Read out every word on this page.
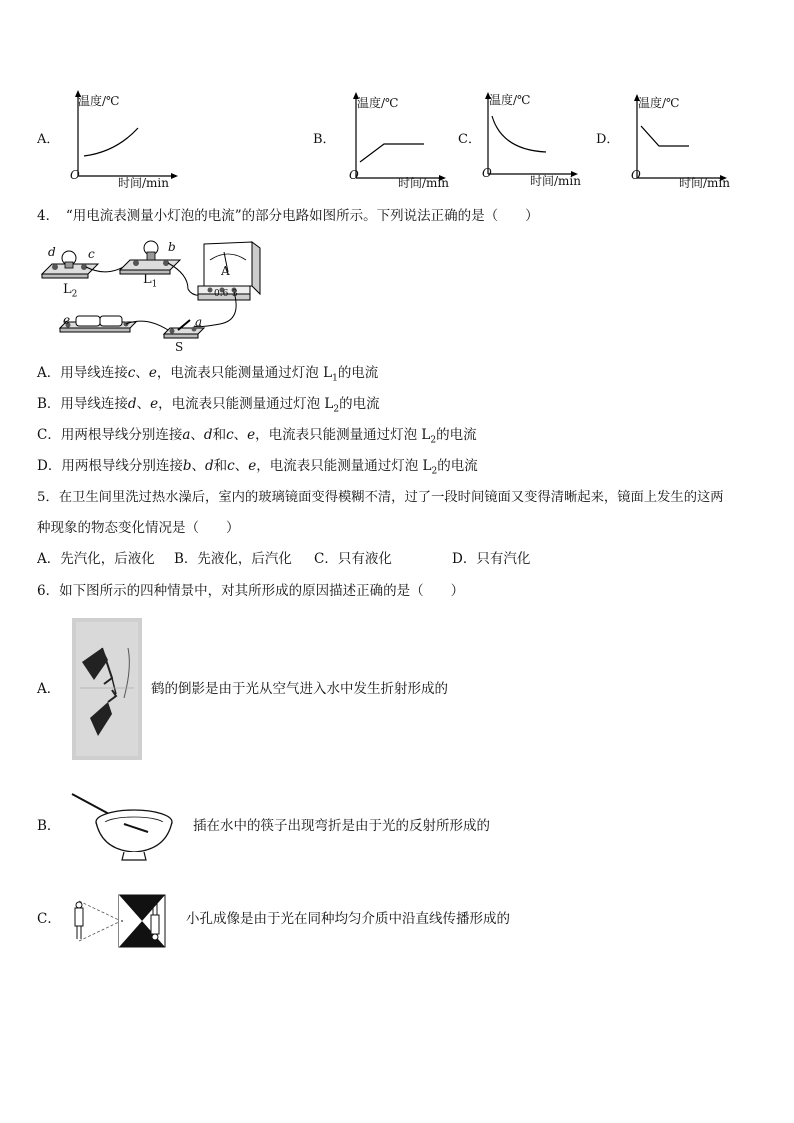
A．
温度/℃
时间/min
O
B．
温度/℃
时间/min
O
C．
温度/℃
时间/min
O
D．
温度/℃
时间/min
O
4．　“用电流表测量小灯泡的电流”的部分电路如图所示。下列说法正确的是（　　）
d	c	b
$L_2$
$L_1$
A
0.6 3
e	a
S
A．用导线连接c、e，电流表只能测量通过灯泡 $L_1$的电流
B．用导线连接d、e，电流表只能测量通过灯泡 $L_2$的电流
C．用两根导线分别连接a、d和c、e，电流表只能测量通过灯泡 $L_2$的电流
D．用两根导线分别连接b、d和c、e，电流表只能测量通过灯泡 $L_2$的电流
5．在卫生间里洗过热水澡后，室内的玻璃镜面变得模糊不清，过了一段时间镜面又变得清晰起来，镜面上发生的这两
种现象的物态变化情况是（　　）
A．先汽化，后液化 B．先液化，后汽化 C．只有液化	D．只有汽化
6．如下图所示的四种情景中，对其所形成的原因描述正确的是（　　）
A．	鹤的倒影是由于光从空气进入水中发生折射形成的
B．	插在水中的筷子出现弯折是由于光的反射所形成的
C．	小孔成像是由于光在同种均匀介质中沿直线传播形成的
